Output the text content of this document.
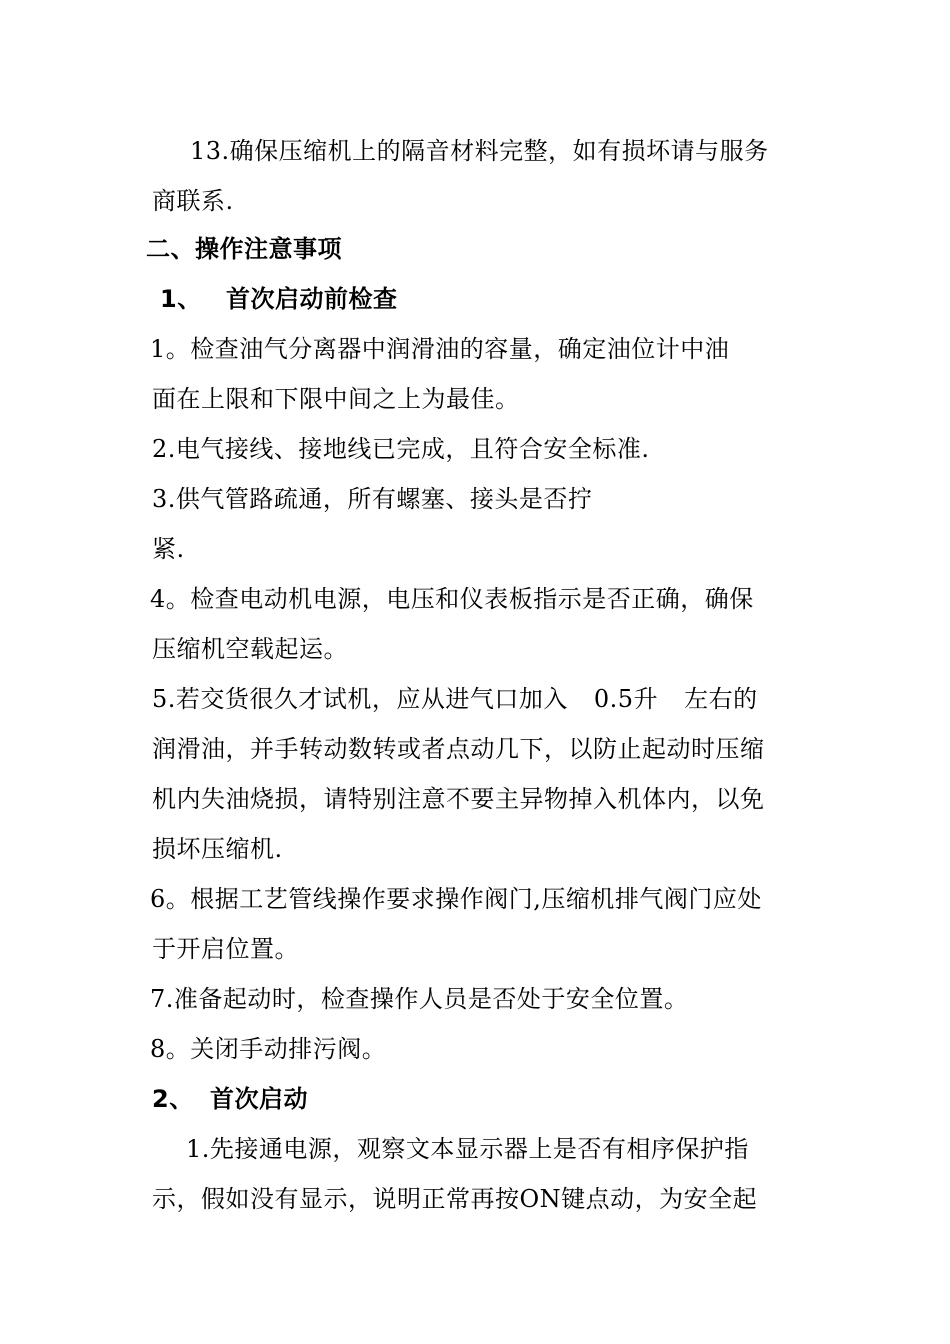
13.确保压缩机上的隔音材料完整，如有损坏请与服务
商联系.
二、操作注意事项
1、 首次启动前检查
1。检查油气分离器中润滑油的容量，确定油位计中油
面在上限和下限中间之上为最佳。
2.电气接线、接地线已完成，且符合安全标准.
3.供气管路疏通，所有螺塞、接头是否拧
紧.
4。检查电动机电源，电压和仪表板指示是否正确，确保
压缩机空载起运。
5.若交货很久才试机，应从进气口加入 0.5升 左右的
润滑油，并手转动数转或者点动几下，以防止起动时压缩
机内失油烧损，请特别注意不要主异物掉入机体内，以免
损坏压缩机.
6。根据工艺管线操作要求操作阀门,压缩机排气阀门应处
于开启位置。
7.准备起动时，检查操作人员是否处于安全位置。
8。关闭手动排污阀。
2、 首次启动
1.先接通电源，观察文本显示器上是否有相序保护指
示，假如没有显示，说明正常再按ON键点动，为安全起
